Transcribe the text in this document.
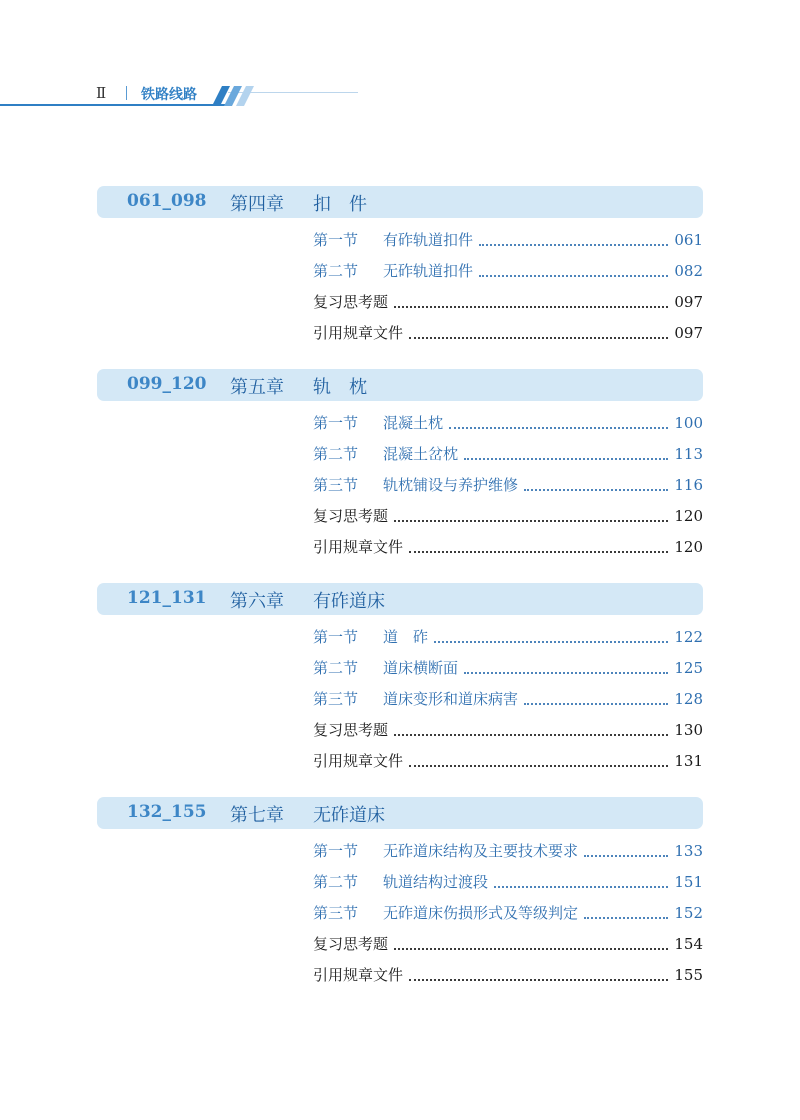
Ⅱ 铁路线路
061_098 第四章 扣　件
第一节	有砟轨道扣件	061
第二节	无砟轨道扣件	082
复习思考题	097
引用规章文件	097
099_120 第五章 轨　枕
第一节	混凝土枕	100
第二节	混凝土岔枕	113
第三节	轨枕铺设与养护维修	116
复习思考题	120
引用规章文件	120
121_131 第六章 有砟道床
第一节	道　砟	122
第二节	道床横断面	125
第三节	道床变形和道床病害	128
复习思考题	130
引用规章文件	131
132_155 第七章 无砟道床
第一节	无砟道床结构及主要技术要求	133
第二节	轨道结构过渡段	151
第三节	无砟道床伤损形式及等级判定	152
复习思考题	154
引用规章文件	155
